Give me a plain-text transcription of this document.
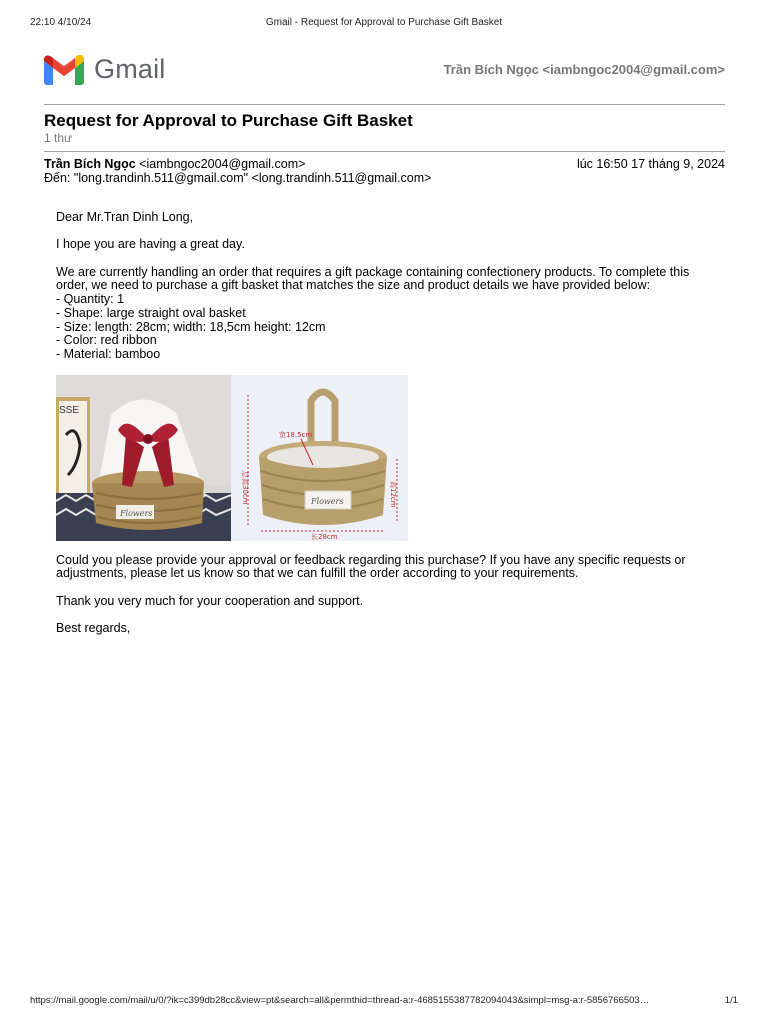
22:10 4/10/24	Gmail - Request for Approval to Purchase Gift Basket
Gmail	Trần Bích Ngọc <iambngoc2004@gmail.com>
Request for Approval to Purchase Gift Basket
1 thư
Trần Bích Ngọc <iambngoc2004@gmail.com>	lúc 16:50 17 tháng 9, 2024
Đến: "long.trandinh.511@gmail.com" <long.trandinh.511@gmail.com>

Dear Mr.Tran Dinh Long,

I hope you are having a great day.

We are currently handling an order that requires a gift package containing confectionery products. To complete this order, we need to purchase a gift basket that matches the size and product details we have provided below:
- Quantity: 1
- Shape: large straight oval basket
- Size: length: 28cm; width: 18,5cm height: 12cm
- Color: red ribbon
- Material: bamboo
SSE
Flowers
Flowers
宽18.5cm
总高30cm	高12cm
长28cm

Could you please provide your approval or feedback regarding this purchase? If you have any specific requests or adjustments, please let us know so that we can fulfill the order according to your requirements.

Thank you very much for your cooperation and support.

Best regards,

https://mail.google.com/mail/u/0/?ik=c399db28cc&view=pt&search=all&permthid=thread-a:r-4685155387782094043&simpl=msg-a:r-5856766503…	1/1
